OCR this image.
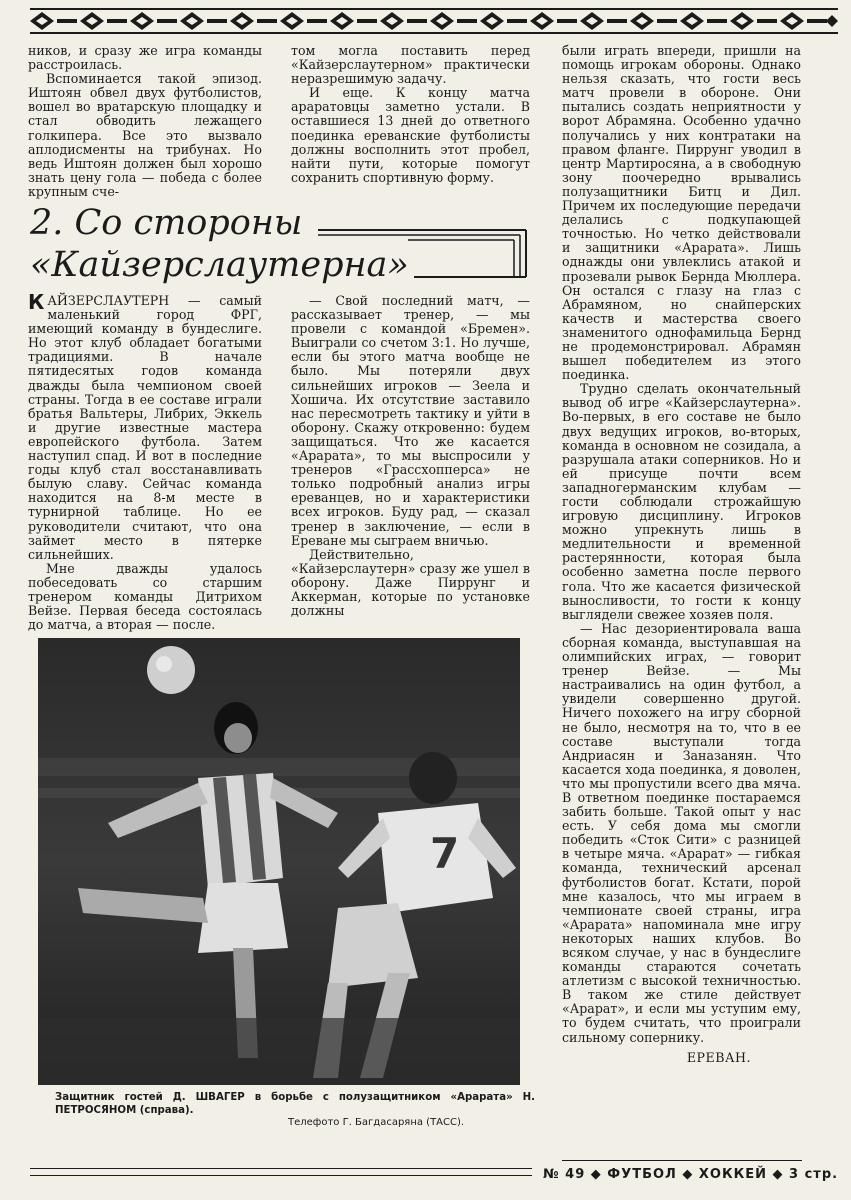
ников, и сразу же игра команды расстроилась.

Вспоминается такой эпизод. Иштоян обвел двух футболистов, вошел во вратарскую площадку и стал обводить лежащего голкипера. Все это вызвало аплодисменты на трибунах. Но ведь Иштоян должен был хорошо знать цену гола — победа с более крупным сче-

том могла поставить перед «Кайзерслаутерном» практически неразрешимую задачу.

И еще. К концу матча араратовцы заметно устали. В оставшиеся 13 дней до ответного поединка ереванские футболисты должны восполнить этот пробел, найти пути, которые помогут сохранить спортивную форму.

2. Со стороны
«Кайзерслаутерна»

КАЙЗЕРСЛАУТЕРН — самый маленький город ФРГ, имеющий команду в бундеслиге. Но этот клуб обладает богатыми традициями. В начале пятидесятых годов команда дважды была чемпионом своей страны. Тогда в ее составе играли братья Вальтеры, Либрих, Эккель и другие известные мастера европейского футбола. Затем наступил спад. И вот в последние годы клуб стал восстанавливать былую славу. Сейчас команда находится на 8-м месте в турнирной таблице. Но ее руководители считают, что она займет место в пятерке сильнейших.

Мне дважды удалось побеседовать со старшим тренером команды Дитрихом Вейзе. Первая беседа состоялась до матча, а вторая — после.

— Свой последний матч, — рассказывает тренер, — мы провели с командой «Бремен». Выиграли со счетом 3:1. Но лучше, если бы этого матча вообще не было. Мы потеряли двух сильнейших игроков — Зеела и Хошича. Их отсутствие заставило нас пересмотреть тактику и уйти в оборону. Скажу откровенно: будем защищаться. Что же касается «Арарата», то мы выспросили у тренеров «Грассхопперса» не только подробный анализ игры ереванцев, но и характеристики всех игроков. Буду рад, — сказал тренер в заключение, — если в Ереване мы сыграем вничью.

Действительно, «Кайзерслаутерн» сразу же ушел в оборону. Даже Пиррунг и Аккерман, которые по установке должны

были играть впереди, пришли на помощь игрокам обороны. Однако нельзя сказать, что гости весь матч провели в обороне. Они пытались создать неприятности у ворот Абрамяна. Особенно удачно получались у них контратаки на правом фланге. Пиррунг уводил в центр Мартиросяна, а в свободную зону поочередно врывались полузащитники Битц и Дил. Причем их последующие передачи делались с подкупающей точностью. Но четко действовали и защитники «Арарата». Лишь однажды они увлеклись атакой и прозевали рывок Бернда Мюллера. Он остался с глазу на глаз с Абрамяном, но снайперских качеств и мастерства своего знаменитого однофамильца Бернд не продемонстрировал. Абрамян вышел победителем из этого поединка.

Трудно сделать окончательный вывод об игре «Кайзерслаутерна». Во-первых, в его составе не было двух ведущих игроков, во-вторых, команда в основном не созидала, а разрушала атаки соперников. Но и ей присуще почти всем западногерманским клубам — гости соблюдали строжайшую игровую дисциплину. Игроков можно упрекнуть лишь в медлительности и временной растерянности, которая была особенно заметна после первого гола. Что же касается физической выносливости, то гости к концу выглядели свежее хозяев поля.

— Нас дезориентировала ваша сборная команда, выступавшая на олимпийских играх, — говорит тренер Вейзе. — Мы настраивались на один футбол, а увидели совершенно другой. Ничего похожего на игру сборной не было, несмотря на то, что в ее составе выступали тогда Андриасян и Заназанян. Что касается хода поединка, я доволен, что мы пропустили всего два мяча. В ответном поединке постараемся забить больше. Такой опыт у нас есть. У себя дома мы смогли победить «Сток Сити» с разницей в четыре мяча. «Арарат» — гибкая команда, технический арсенал футболистов богат. Кстати, порой мне казалось, что мы играем в чемпионате своей страны, игра «Арарата» напоминала мне игру некоторых наших клубов. Во всяком случае, у нас в бундеслиге команды стараются сочетать атлетизм с высокой техничностью. В таком же стиле действует «Арарат», и если мы уступим ему, то будем считать, что проиграли сильному сопернику.

ЕРЕВАН.

7
Защитник гостей Д. ШВАГЕР в борьбе с полузащитником «Арарата» Н. ПЕТРОСЯНОМ (справа).
Телефото Г. Багдасаряна (ТАСС).
№ 49 ◆ ФУТБОЛ ◆ ХОККЕЙ ◆ 3 стр.
